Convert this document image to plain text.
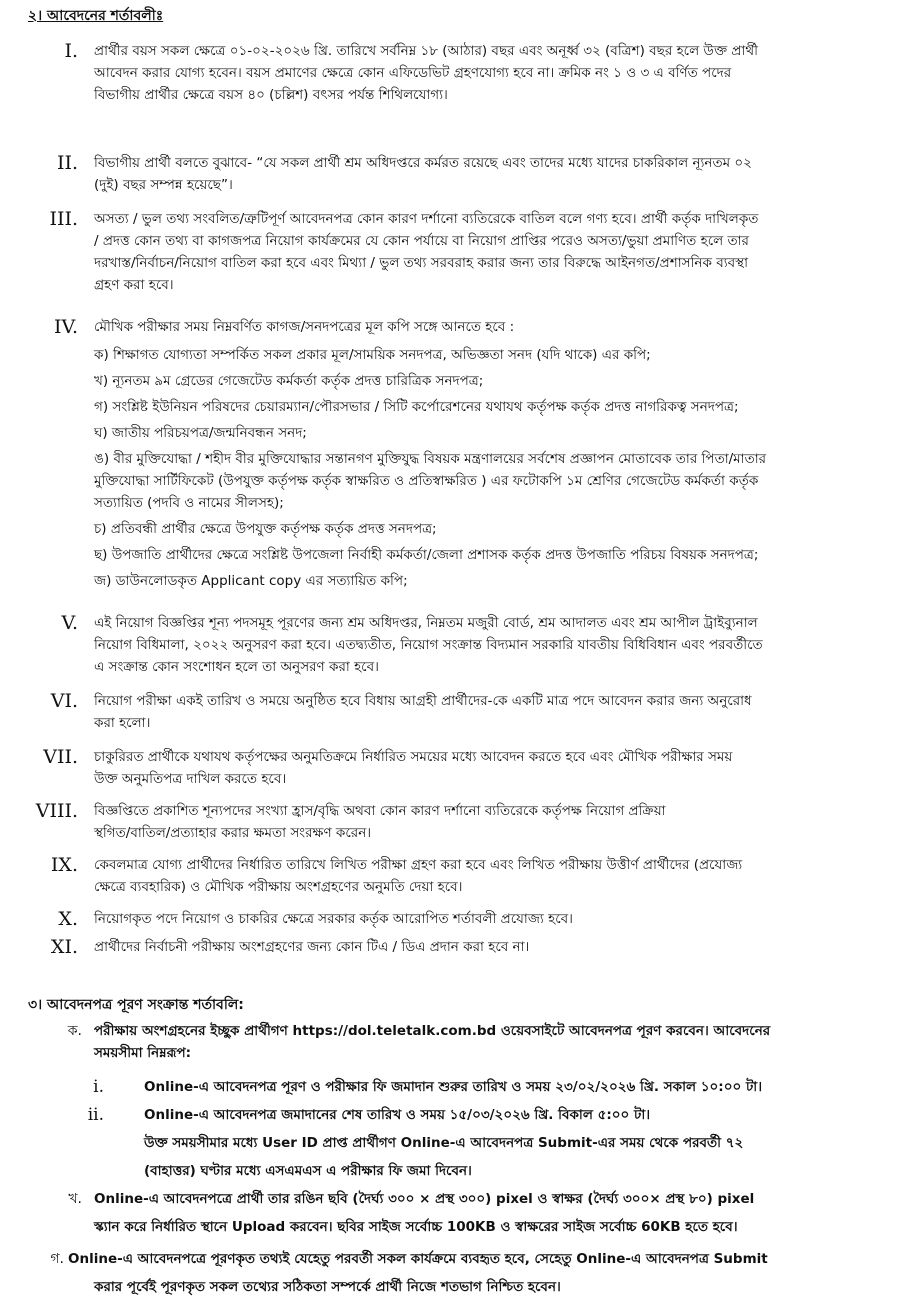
২। আবেদনের শর্তাবলীঃ
I. প্রার্থীর বয়স সকল ক্ষেত্রে ০১-০২-২০২৬ খ্রি. তারিখে সর্বনিম্ন ১৮ (আঠার) বছর এবং অনূর্ধ্ব ৩২ (বত্রিশ) বছর হলে উক্ত প্রার্থী

আবেদন করার যোগ্য হবেন। বয়স প্রমাণের ক্ষেত্রে কোন এফিডেভিট গ্রহণযোগ্য হবে না। ক্রমিক নং ১ ও ৩ এ বর্ণিত পদের

বিভাগীয় প্রার্থীর ক্ষেত্রে বয়স ৪০ (চল্লিশ) বৎসর পর্যন্ত শিথিলযোগ্য।

II. বিভাগীয় প্রার্থী বলতে বুঝাবে- “যে সকল প্রার্থী শ্রম অধিদপ্তরে কর্মরত রয়েছে এবং তাদের মধ্যে যাদের চাকরিকাল ন্যূনতম ০২

(দুই) বছর সম্পন্ন হয়েছে”।

III. অসত্য / ভুল তথ্য সংবলিত/ত্রুটিপূর্ণ আবেদনপত্র কোন কারণ দর্শানো ব্যতিরেকে বাতিল বলে গণ্য হবে। প্রার্থী কর্তৃক দাখিলকৃত

/ প্রদত্ত কোন তথ্য বা কাগজপত্র নিয়োগ কার্যক্রমের যে কোন পর্যায়ে বা নিয়োগ প্রাপ্তির পরেও অসত্য/ভুয়া প্রমাণিত হলে তার

দরখাস্ত/নির্বাচন/নিয়োগ বাতিল করা হবে এবং মিথ্যা / ভুল তথ্য সরবরাহ করার জন্য তার বিরুদ্ধে আইনগত/প্রশাসনিক ব্যবস্থা

গ্রহণ করা হবে।

IV. মৌখিক পরীক্ষার সময় নিম্নবর্ণিত কাগজ/সনদপত্রের মূল কপি সঙ্গে আনতে হবে :

ক) শিক্ষাগত যোগ্যতা সম্পর্কিত সকল প্রকার মূল/সাময়িক সনদপত্র, অভিজ্ঞতা সনদ (যদি থাকে) এর কপি;

খ) ন্যূনতম ৯ম গ্রেডের গেজেটেড কর্মকর্তা কর্তৃক প্রদত্ত চারিত্রিক সনদপত্র;

গ) সংশ্লিষ্ট ইউনিয়ন পরিষদের চেয়ারম্যান/পৌরসভার / সিটি কর্পোরেশনের যথাযথ কর্তৃপক্ষ কর্তৃক প্রদত্ত নাগরিকত্ব সনদপত্র;

ঘ) জাতীয় পরিচয়পত্র/জন্মনিবন্ধন সনদ;

ঙ) বীর মুক্তিযোদ্ধা / শহীদ বীর মুক্তিযোদ্ধার সন্তানগণ মুক্তিযুদ্ধ বিষয়ক মন্ত্রণালয়ের সর্বশেষ প্রজ্ঞাপন মোতাবেক তার পিতা/মাতার

মুক্তিযোদ্ধা সার্টিফিকেট (উপযুক্ত কর্তৃপক্ষ কর্তৃক স্বাক্ষরিত ও প্রতিস্বাক্ষরিত ) এর ফটোকপি ১ম শ্রেণির গেজেটেড কর্মকর্তা কর্তৃক

সত্যায়িত (পদবি ও নামের সীলসহ);

চ) প্রতিবন্ধী প্রার্থীর ক্ষেত্রে উপযুক্ত কর্তৃপক্ষ কর্তৃক প্রদত্ত সনদপত্র;

ছ) উপজাতি প্রার্থীদের ক্ষেত্রে সংশ্লিষ্ট উপজেলা নির্বাহী কর্মকর্তা/জেলা প্রশাসক কর্তৃক প্রদত্ত উপজাতি পরিচয় বিষয়ক সনদপত্র;

জ) ডাউনলোডকৃত Applicant copy এর সত্যায়িত কপি;

V. এই নিয়োগ বিজ্ঞপ্তির শূন্য পদসমূহ পূরণের জন্য শ্রম অধিদপ্তর, নিম্নতম মজুরী বোর্ড, শ্রম আদালত এবং শ্রম আপীল ট্রাইব্যুনাল

নিয়োগ বিধিমালা, ২০২২ অনুসরণ করা হবে। এতদ্ব্যতীত, নিয়োগ সংক্রান্ত বিদ্যমান সরকারি যাবতীয় বিধিবিধান এবং পরবর্তীতে

এ সংক্রান্ত কোন সংশোধন হলে তা অনুসরণ করা হবে।

VI. নিয়োগ পরীক্ষা একই তারিখ ও সময়ে অনুষ্ঠিত হবে বিধায় আগ্রহী প্রার্থীদের-কে একটি মাত্র পদে আবেদন করার জন্য অনুরোধ

করা হলো।

VII. চাকুরিরত প্রার্থীকে যথাযথ কর্তৃপক্ষের অনুমতিক্রমে নির্ধারিত সময়ের মধ্যে আবেদন করতে হবে এবং মৌখিক পরীক্ষার সময়

উক্ত অনুমতিপত্র দাখিল করতে হবে।

VIII. বিজ্ঞপ্তিতে প্রকাশিত শূন্যপদের সংখ্যা হ্রাস/বৃদ্ধি অথবা কোন কারণ দর্শানো ব্যতিরেকে কর্তৃপক্ষ নিয়োগ প্রক্রিয়া

স্থগিত/বাতিল/প্রত্যাহার করার ক্ষমতা সংরক্ষণ করেন।

IX. কেবলমাত্র যোগ্য প্রার্থীদের নির্ধারিত তারিখে লিখিত পরীক্ষা গ্রহণ করা হবে এবং লিখিত পরীক্ষায় উত্তীর্ণ প্রার্থীদের (প্রযোজ্য

ক্ষেত্রে ব্যবহারিক) ও মৌখিক পরীক্ষায় অংশগ্রহণের অনুমতি দেয়া হবে।

X. নিয়োগকৃত পদে নিয়োগ ও চাকরির ক্ষেত্রে সরকার কর্তৃক আরোপিত শর্তাবলী প্রযোজ্য হবে।

XI. প্রার্থীদের নির্বাচনী পরীক্ষায় অংশগ্রহণের জন্য কোন টিএ / ডিএ প্রদান করা হবে না।

৩। আবেদনপত্র পূরণ সংক্রান্ত শর্তাবলি:
ক. পরীক্ষায় অংশগ্রহনের ইচ্ছুক প্রার্থীগণ https://dol.teletalk.com.bd ওয়েবসাইটে আবেদনপত্র পূরণ করবেন। আবেদনের

সময়সীমা নিম্নরূপ:

i.	Online-এ আবেদনপত্র পূরণ ও পরীক্ষার ফি জমাদান শুরুর তারিখ ও সময় ২৩/০২/২০২৬ খ্রি. সকাল ১০:০০ টা।

ii.	Online-এ আবেদনপত্র জমাদানের শেষ তারিখ ও সময় ১৫/০৩/২০২৬ খ্রি. বিকাল ৫:০০ টা।

উক্ত সময়সীমার মধ্যে User ID প্রাপ্ত প্রার্থীগণ Online-এ আবেদনপত্র Submit-এর সময় থেকে পরবর্তী ৭২

(বাহাত্তর) ঘণ্টার মধ্যে এসএমএস এ পরীক্ষার ফি জমা দিবেন।

খ. Online-এ আবেদনপত্রে প্রার্থী তার রঙিন ছবি (দৈর্ঘ্য ৩০০ × প্রস্থ ৩০০) pixel ও স্বাক্ষর (দৈর্ঘ্য ৩০০× প্রস্থ ৮০) pixel

স্ক্যান করে নির্ধারিত স্থানে Upload করবেন। ছবির সাইজ সর্বোচ্চ 100KB ও স্বাক্ষরের সাইজ সর্বোচ্চ 60KB হতে হবে।

গ. Online-এ আবেদনপত্রে পূরণকৃত তথ্যই যেহেতু পরবর্তী সকল কার্যক্রমে ব্যবহৃত হবে, সেহেতু Online-এ আবেদনপত্র Submit

করার পূর্বেই পূরণকৃত সকল তথ্যের সঠিকতা সম্পর্কে প্রার্থী নিজে শতভাগ নিশ্চিত হবেন।
